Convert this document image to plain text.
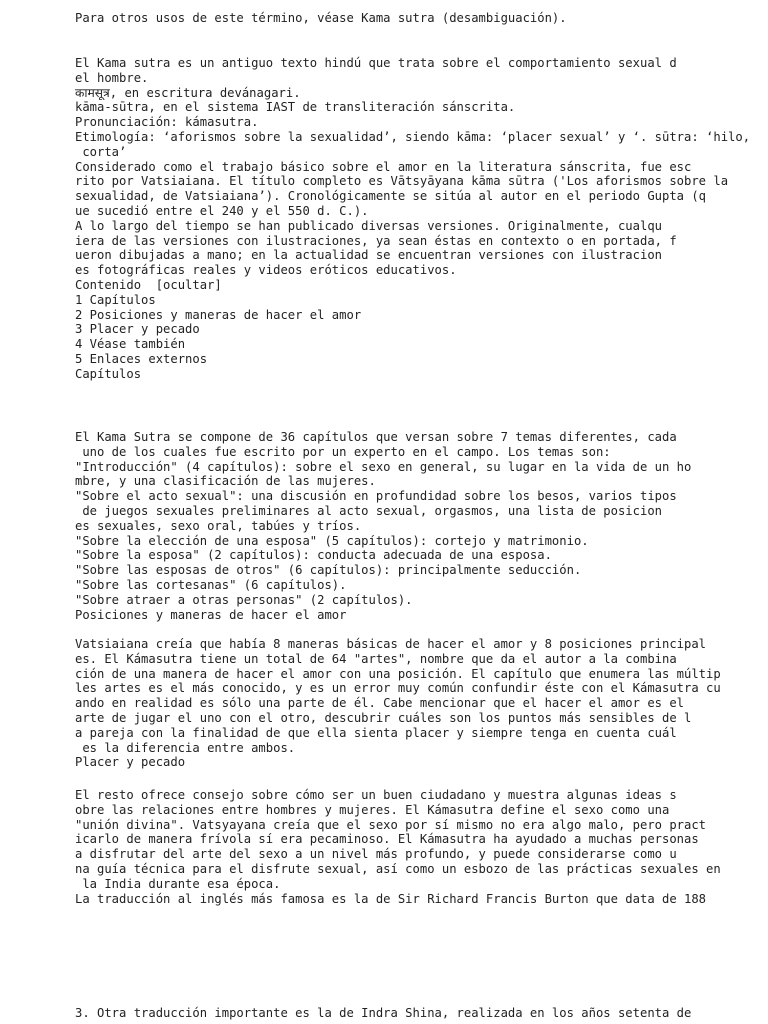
Para otros usos de este término, véase Kama sutra (desambiguación).
El Kama sutra es un antiguo texto hindú que trata sobre el comportamiento sexual d
el hombre.
कामसूत्र, en escritura devánagari.
kāma-sūtra, en el sistema IAST de transliteración sánscrita.
Pronunciación: kámasutra.
Etimología: ‘aforismos sobre la sexualidad’, siendo kāma: ‘placer sexual’ y ‘. sūtra: ‘hilo,
corta’
Considerado como el trabajo básico sobre el amor en la literatura sánscrita, fue esc
rito por Vatsiaiana. El título completo es Vātsyāyana kāma sūtra ('Los aforismos sobre la
sexualidad, de Vatsiaiana’). Cronológicamente se sitúa al autor en el periodo Gupta (q
ue sucedió entre el 240 y el 550 d. C.).
A lo largo del tiempo se han publicado diversas versiones. Originalmente, cualqu
iera de las versiones con ilustraciones, ya sean éstas en contexto o en portada, f
ueron dibujadas a mano; en la actualidad se encuentran versiones con ilustracion
es fotográficas reales y videos eróticos educativos.
Contenido  [ocultar]
1 Capítulos
2 Posiciones y maneras de hacer el amor
3 Placer y pecado
4 Véase también
5 Enlaces externos
Capítulos
El Kama Sutra se compone de 36 capítulos que versan sobre 7 temas diferentes, cada
uno de los cuales fue escrito por un experto en el campo. Los temas son:
"Introducción" (4 capítulos): sobre el sexo en general, su lugar en la vida de un ho
mbre, y una clasificación de las mujeres.
"Sobre el acto sexual": una discusión en profundidad sobre los besos, varios tipos
de juegos sexuales preliminares al acto sexual, orgasmos, una lista de posicion
es sexuales, sexo oral, tabúes y tríos.
"Sobre la elección de una esposa" (5 capítulos): cortejo y matrimonio.
"Sobre la esposa" (2 capítulos): conducta adecuada de una esposa.
"Sobre las esposas de otros" (6 capítulos): principalmente seducción.
"Sobre las cortesanas" (6 capítulos).
"Sobre atraer a otras personas" (2 capítulos).
Posiciones y maneras de hacer el amor
Vatsiaiana creía que había 8 maneras básicas de hacer el amor y 8 posiciones principal
es. El Kámasutra tiene un total de 64 "artes", nombre que da el autor a la combina
ción de una manera de hacer el amor con una posición. El capítulo que enumera las múltip
les artes es el más conocido, y es un error muy común confundir éste con el Kámasutra cu
ando en realidad es sólo una parte de él. Cabe mencionar que el hacer el amor es el
arte de jugar el uno con el otro, descubrir cuáles son los puntos más sensibles de l
a pareja con la finalidad de que ella sienta placer y siempre tenga en cuenta cuál
es la diferencia entre ambos.
Placer y pecado
El resto ofrece consejo sobre cómo ser un buen ciudadano y muestra algunas ideas s
obre las relaciones entre hombres y mujeres. El Kámasutra define el sexo como una
"unión divina". Vatsyayana creía que el sexo por sí mismo no era algo malo, pero pract
icarlo de manera frívola sí era pecaminoso. El Kámasutra ha ayudado a muchas personas
a disfrutar del arte del sexo a un nivel más profundo, y puede considerarse como u
na guía técnica para el disfrute sexual, así como un esbozo de las prácticas sexuales en
la India durante esa época.
La traducción al inglés más famosa es la de Sir Richard Francis Burton que data de 188
3. Otra traducción importante es la de Indra Shina, realizada en los años setenta de
